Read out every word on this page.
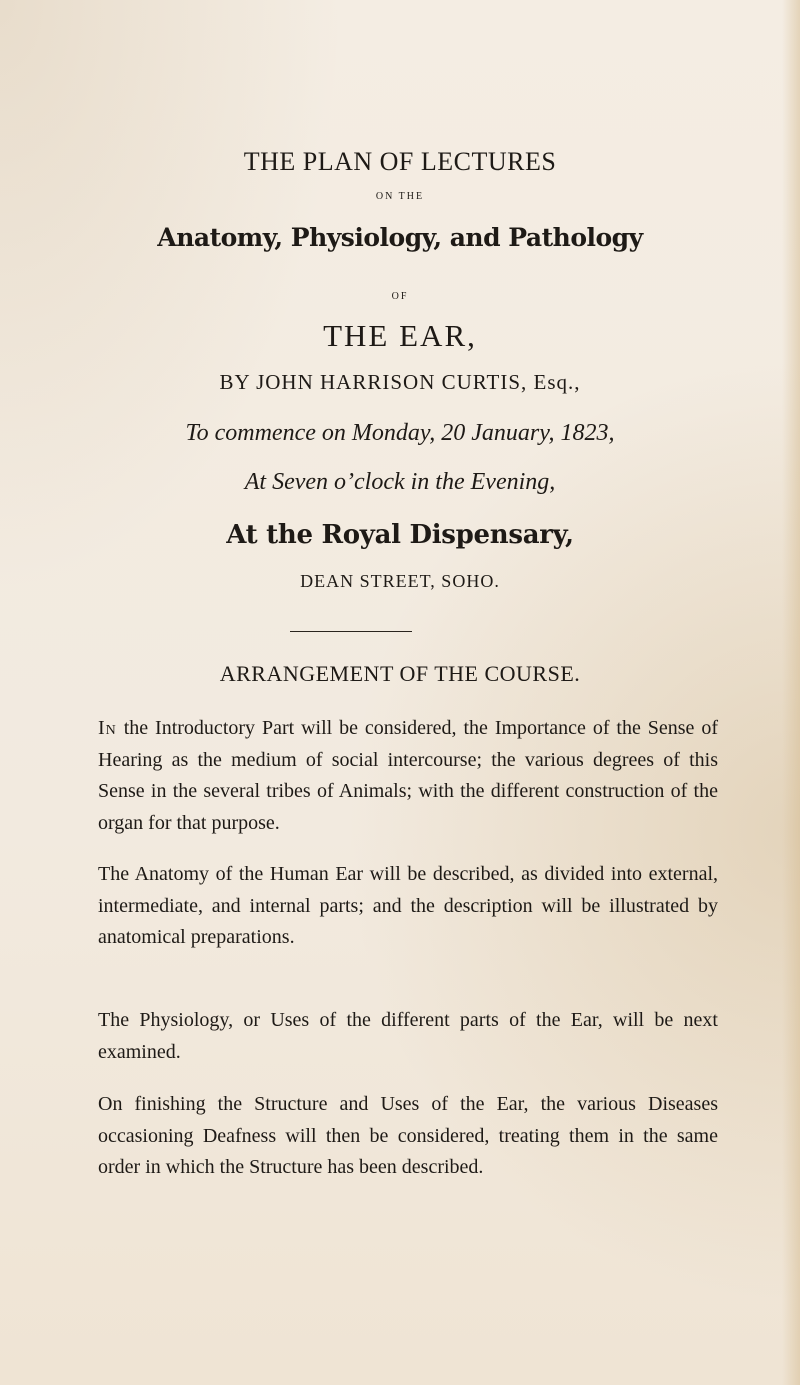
THE PLAN OF LECTURES
ON THE
Anatomy, Physiology, and Pathology
OF
THE EAR,
BY JOHN HARRISON CURTIS, Esq.,
To commence on Monday, 20 January, 1823,
At Seven o’clock in the Evening,
At the Royal Dispensary,
DEAN STREET, SOHO.
ARRANGEMENT OF THE COURSE.
In the Introductory Part will be considered, the Importance of the Sense of Hearing as the medium of social intercourse; the various degrees of this Sense in the several tribes of Animals; with the different construction of the organ for that purpose.
The Anatomy of the Human Ear will be described, as divided into external, intermediate, and internal parts; and the description will be illustrated by anatomical preparations.
The Physiology, or Uses of the different parts of the Ear, will be next examined.
On finishing the Structure and Uses of the Ear, the various Diseases occasioning Deafness will then be considered, treating them in the same order in which the Structure has been described.
